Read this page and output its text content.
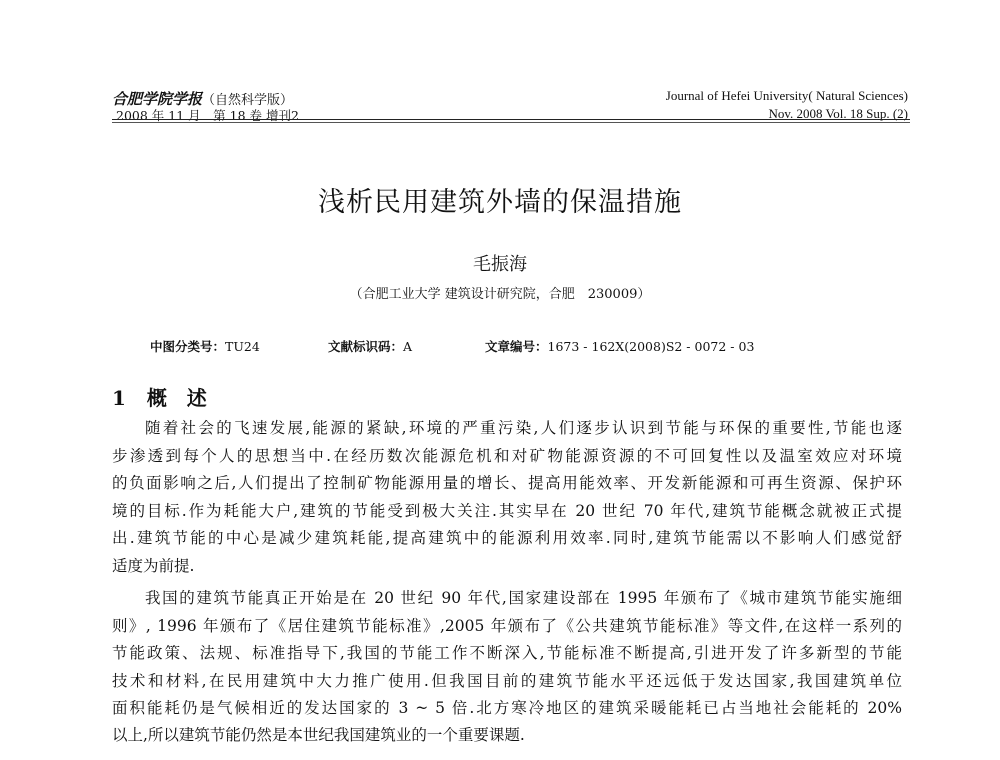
合肥学院学报（自然科学版）
2008 年 11 月　第 18 卷 增刊2
Journal of Hefei University( Natural Sciences)
Nov. 2008 Vol. 18 Sup. (2)
浅析民用建筑外墙的保温措施
毛振海
（合肥工业大学 建筑设计研究院，合肥　230009）
中图分类号：TU24	文献标识码：A	文章编号：1673 - 162X(2008)S2 - 0072 - 03
1 概　述
随着社会的飞速发展,能源的紧缺,环境的严重污染,人们逐步认识到节能与环保的重要性,节能也逐
步渗透到每个人的思想当中.在经历数次能源危机和对矿物能源资源的不可回复性以及温室效应对环境
的负面影响之后,人们提出了控制矿物能源用量的增长、提高用能效率、开发新能源和可再生资源、保护环
境的目标.作为耗能大户,建筑的节能受到极大关注.其实早在 20 世纪 70 年代,建筑节能概念就被正式提
出.建筑节能的中心是减少建筑耗能,提高建筑中的能源利用效率.同时,建筑节能需以不影响人们感觉舒
适度为前提.
我国的建筑节能真正开始是在 20 世纪 90 年代,国家建设部在 1995 年颁布了《城市建筑节能实施细
则》, 1996 年颁布了《居住建筑节能标准》,2005 年颁布了《公共建筑节能标准》等文件,在这样一系列的
节能政策、法规、标准指导下,我国的节能工作不断深入,节能标准不断提高,引进开发了许多新型的节能
技术和材料,在民用建筑中大力推广使用.但我国目前的建筑节能水平还远低于发达国家,我国建筑单位
面积能耗仍是气候相近的发达国家的 3 ~ 5 倍.北方寒冷地区的建筑采暖能耗已占当地社会能耗的 20%
以上,所以建筑节能仍然是本世纪我国建筑业的一个重要课题.
